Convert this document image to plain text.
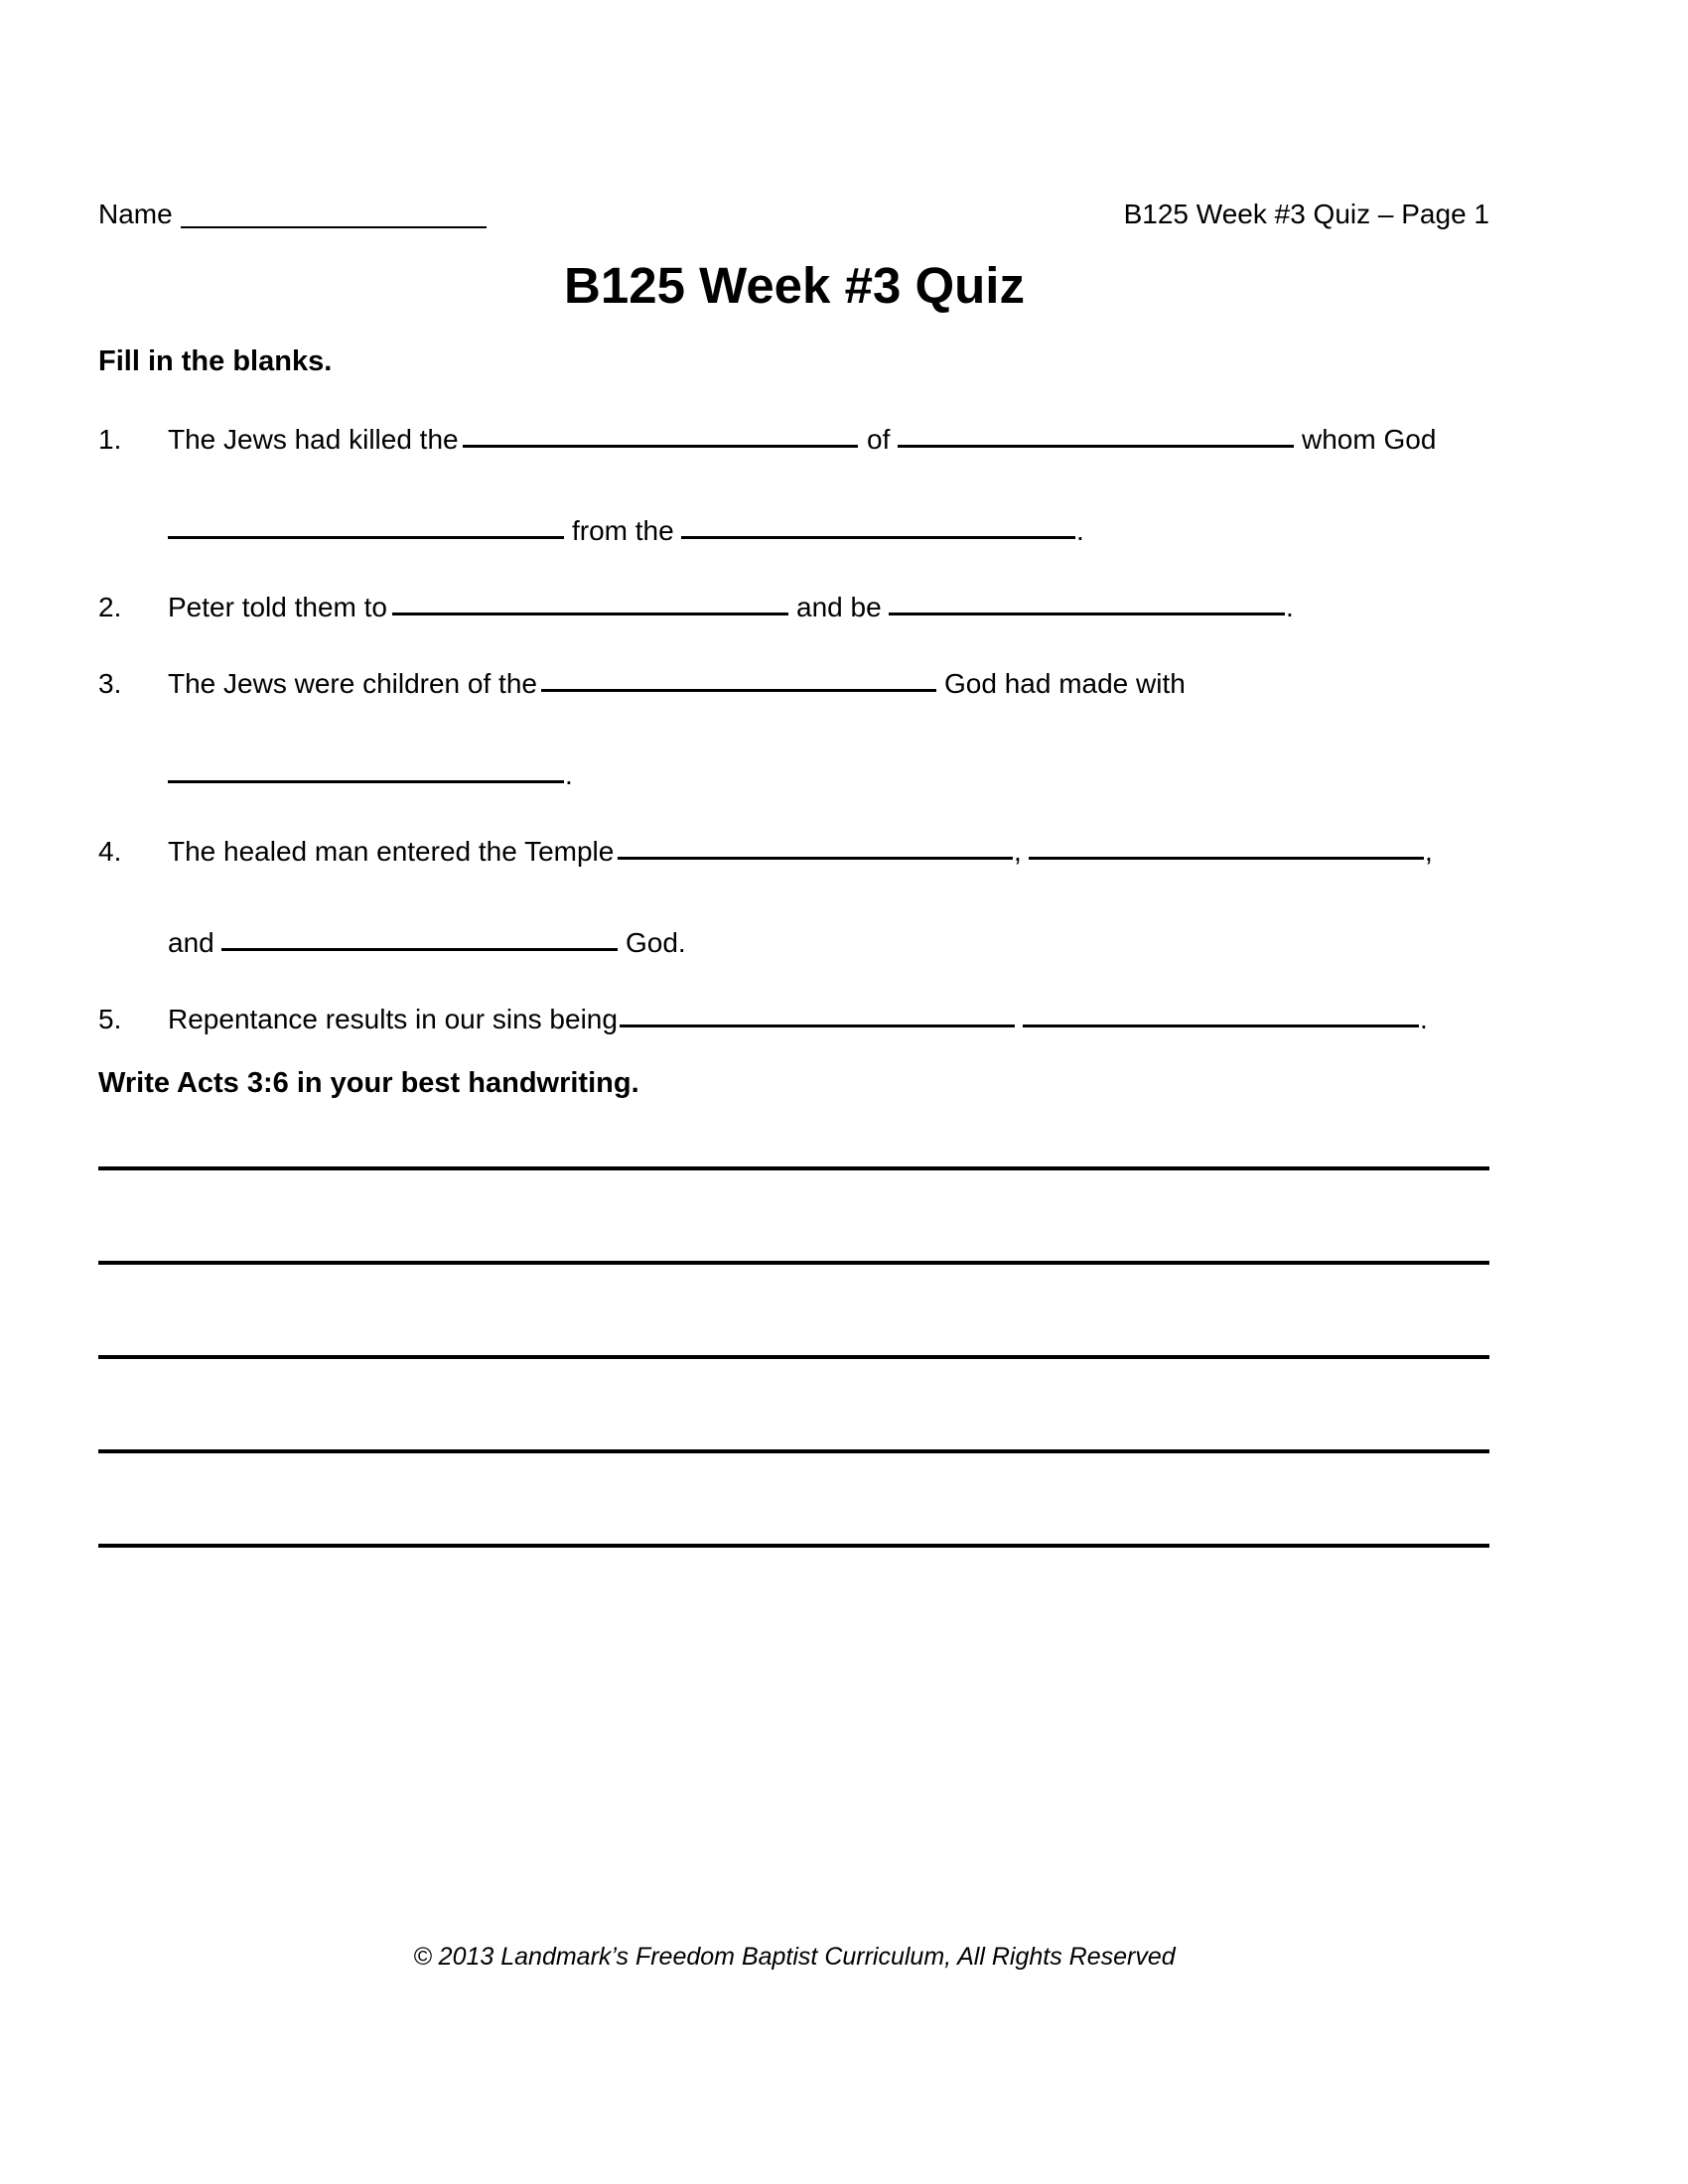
Name	B125 Week #3 Quiz – Page 1
B125 Week #3 Quiz
Fill in the blanks.
1. The Jews had killed the	of	whom God
from the	.
2. Peter told them to	and be	.
3. The Jews were children of the	God had made with
.
4. The healed man entered the Temple	,	,
and	God.
5. Repentance results in our sins being	.
Write Acts 3:6 in your best handwriting.
© 2013 Landmark’s Freedom Baptist Curriculum, All Rights Reserved
